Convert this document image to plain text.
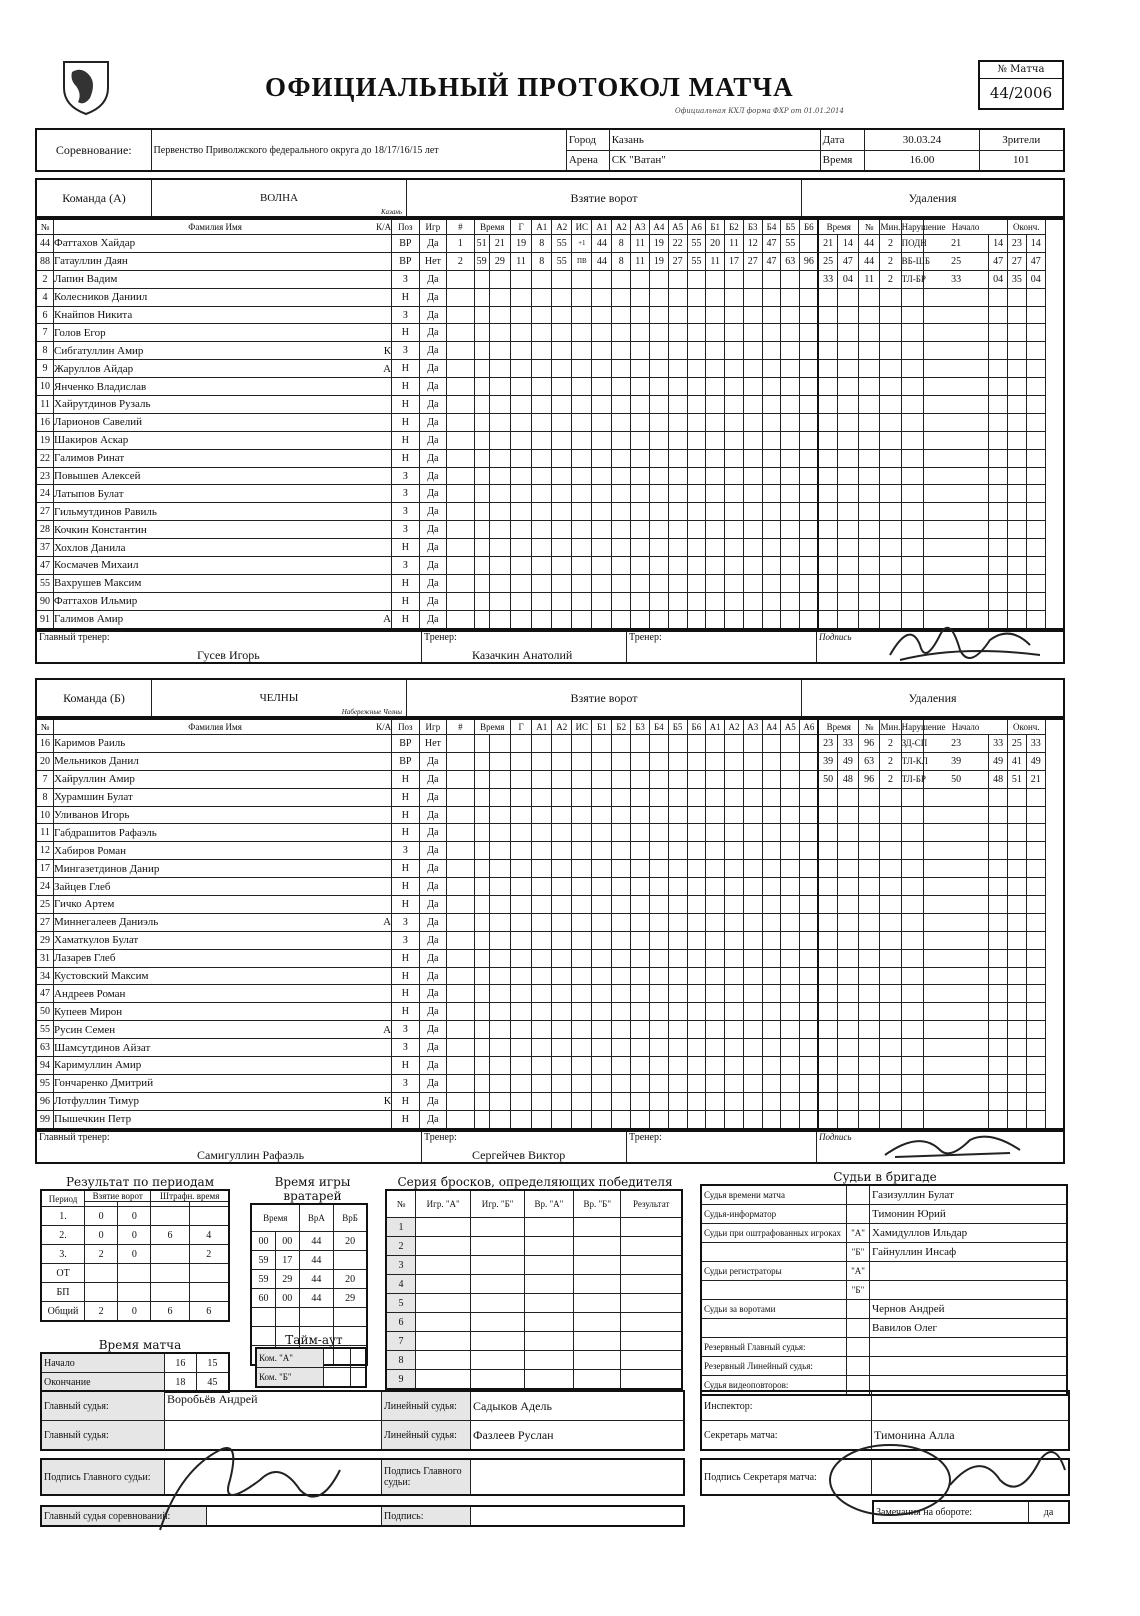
ОФИЦИАЛЬНЫЙ ПРОТОКОЛ МАТЧА
Официальная КХЛ форма ФХР от 01.01.2014
№ Матча
44/2006
Соревнование:	Первенство Приволжского федерального округа до 18/17/16/15 лет	Город	Казань	Дата	30.03.24	Зрители
		Арена	СК "Ватан"	Время	16.00	101
Команда (А)	ВОЛНА
Казань
	Взятие ворот	Удаления
№	Фамилия Имя К/А	Поз	Игр	#	Время		Г	А1	А2	ИС	А1	А2	А3	А4	А5	А6	Б1	Б2	Б3	Б4	Б5	Б6	Время		№	Мин.	Нарушение	Начало		Оконч.	
44	Фаттахов Хайдар	ВР	Да	1	51	21	19	8	55	+1	44	8	11	19	22	55	20	11	12	47	55		21	14	44	2	ПОДН	21	14	23	14
88	Гатауллин Даян	ВР	Нет	2	59	29	11	8	55	ПВ	44	8	11	19	27	55	11	17	27	47	63	96	25	47	44	2	ВБ-ШБ	25	47	27	47
2	Лапин Вадим	З	Да																				33	04	11	2	ТЛ-БР	33	04	35	04
4	Колесников Даниил	Н	Да																												
6	Кнайпов Никита	З	Да																												
7	Голов Егор	Н	Да																												
8	Сибгатуллин Амир К	З	Да																												
9	Жаруллов Айдар А	Н	Да																												
10	Янченко Владислав	Н	Да																												
11	Хайрутдинов Рузаль	Н	Да																												
16	Ларионов Савелий	Н	Да																												
19	Шакиров Аскар	Н	Да																												
22	Галимов Ринат	Н	Да																												
23	Повышев Алексей	З	Да																												
24	Латыпов Булат	З	Да																												
27	Гильмутдинов Равиль	З	Да																												
28	Кочкин Константин	З	Да																												
37	Хохлов Данила	Н	Да																												
47	Космачев Михаил	З	Да																												
55	Вахрушев Максим	Н	Да																												
90	Фаттахов Ильмир	Н	Да																												
91	Галимов Амир А	Н	Да																												
Главный тренер:
Гусев Игорь
	Тренер:
Казачкин Анатолий
	Тренер:	Подпись
Команда (Б)	ЧЕЛНЫ
Набережные Челны
	Взятие ворот	Удаления
№	Фамилия Имя К/А	Поз	Игр	#	Время		Г	А1	А2	ИС	Б1	Б2	Б3	Б4	Б5	Б6	А1	А2	А3	А4	А5	А6	Время		№	Мин.	Нарушение	Начало		Оконч.	
16	Каримов Раиль	ВР	Нет																				23	33	96	2	ЗД-СП	23	33	25	33
20	Мельников Данил	ВР	Да																				39	49	63	2	ТЛ-КЛ	39	49	41	49
7	Хайруллин Амир	Н	Да																				50	48	96	2	ТЛ-БР	50	48	51	21
8	Хурамшин Булат	Н	Да																												
10	Уливанов Игорь	Н	Да																												
11	Габдрашитов Рафаэль	Н	Да																												
12	Хабиров Роман	З	Да																												
17	Мингазетдинов Данир	Н	Да																												
24	Зайцев Глеб	Н	Да																												
25	Гичко Артем	Н	Да																												
27	Миннегалеев Даниэль А	З	Да																												
29	Хаматкулов Булат	З	Да																												
31	Лазарев Глеб	Н	Да																												
34	Кустовский Максим	Н	Да																												
47	Андреев Роман	Н	Да																												
50	Купеев Мирон	Н	Да																												
55	Русин Семен А	З	Да																												
63	Шамсутдинов Айзат	З	Да																												
94	Каримуллин Амир	Н	Да																												
95	Гончаренко Дмитрий	З	Да																												
96	Лотфуллин Тимур К	Н	Да																												
99	Пышечкин Петр	Н	Да																												
Главный тренер:
Самигуллин Рафаэль
	Тренер:
Сергейчев Виктор
	Тренер:	Подпись
Результат по периодам
Период	Взятие ворот		Штрафн. время	

1.	0	0		
2.	0	0	6	4
3.	2	0		2
ОТ				
БП				
Общий	2	0	6	6
Время игры вратарей
Время		ВрА	ВрБ
00	00	44	20
59	17	44	
59	29	44	20
60	00	44	29

Время матча
Начало	16	15
Окончание	18	45
Тайм-аут
Ком. "А"		
Ком. "Б"		
Серия бросков, определяющих победителя
№	Игр. "А"	Игр. "Б"	Вр. "А"	Вр. "Б"	Результат
1					
2					
3					
4					
5					
6					
7					
8					
9					
Судьи в бригаде
Судья времени матча		Газизуллин Булат
Судья-информатор		Тимонин Юрий
Судьи при оштрафованных игроках	"А"	Хамидуллов Ильдар
	"Б"	Гайнуллин Инсаф
Судьи регистраторы	"А"	
	"Б"	
Судьи за воротами		Чернов Андрей
		Вавилов Олег
Резервный Главный судья:		
Резервный Линейный судья:		
Судья видеоповторов:		
Главный судья:	Воробьёв Андрей	Линейный судья:	Садыков Адель
Главный судья:		Линейный судья:	Фазлеев Руслан
Подпись Главного судьи:		Подпись Главного судьи:	
Главный судья соревнований:		Подпись:	
Инспектор:	
Секретарь матча:	Тимонина Алла
Подпись Секретаря матча:	
Замечания на обороте:	да
